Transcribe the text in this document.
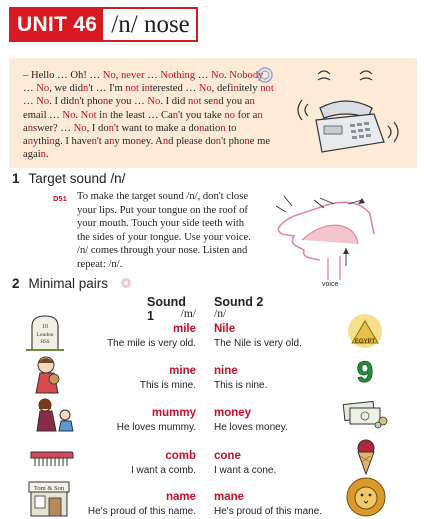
UNIT 46 /n/ nose
– Hello … Oh! … No, never … Nothing … No. Nobody … No, we didn't … I'm not interested … No, definitely not … No. I didn't phone you … No. I did not send you an email … No. Not in the least … Can't you take no for an answer? … No, I don't want to make a donation to anything. I haven't any money. And please don't phone me again.
1 Target sound /n/
D51 To make the target sound /n/, don't close your lips. Put your tongue on the roof of your mouth. Touch your side teeth with the sides of your tongue. Use your voice. /n/ comes through your nose. Listen and repeat: /n/.
voice
2 Minimal pairs
Sound 1
Sound 2
/m/ /n/
mile Nile
The mile is very old. The Nile is very old.
mine nine
This is mine. This is nine.
mummy money
He loves mummy. He loves money.
comb cone
I want a comb. I want a cone.
name mane
He's proud of this name. He's proud of this mane.
10
London
HSS
Tom & Son
EGYPT
9
